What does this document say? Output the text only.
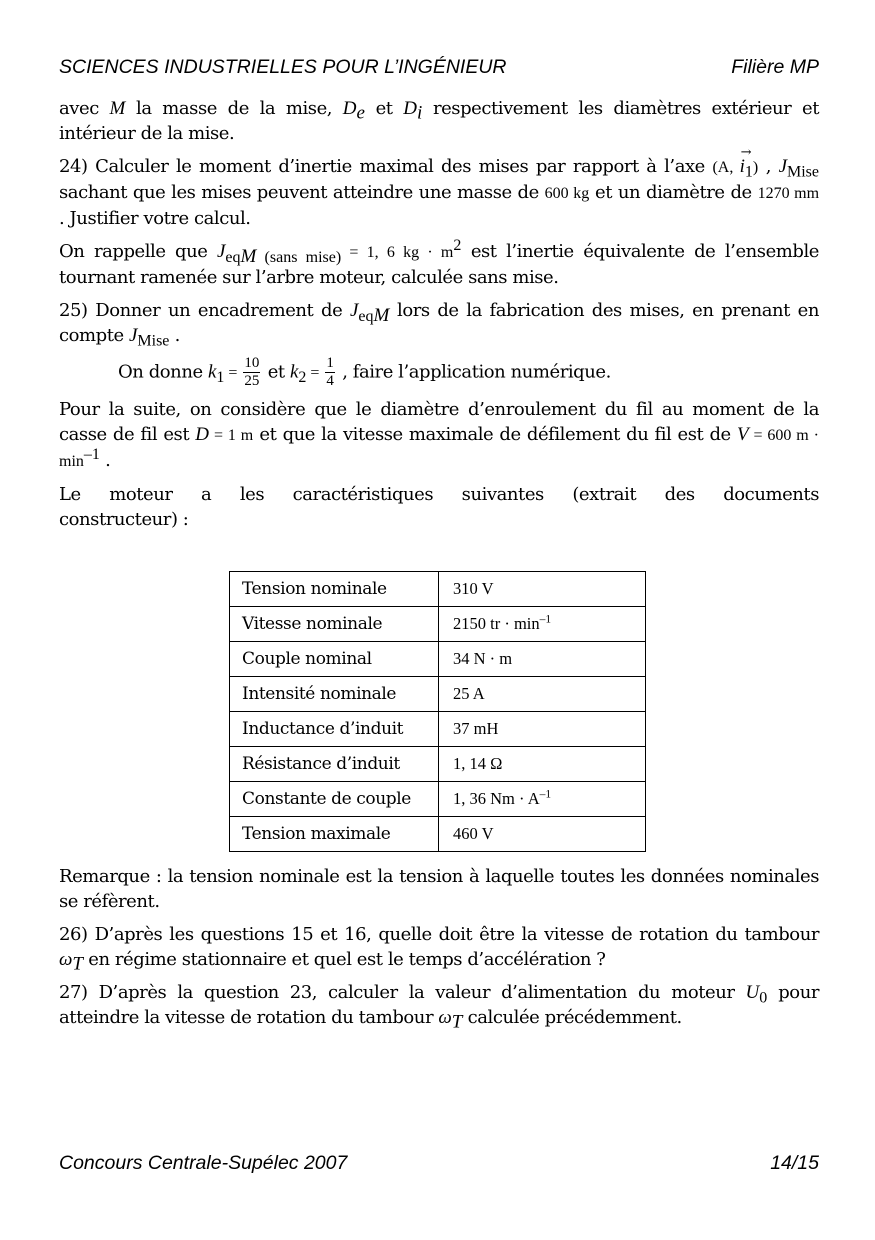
SCIENCES INDUSTRIELLES POUR L’INGÉNIEUR	Filière MP

avec M la masse de la mise, $D_e$ et $D_i$ respectivement les diamètres extérieur et intérieur de la mise.

24) Calculer le moment d’inertie maximal des mises par rapport à l’axe (A, i
→
$_1$) , $J_{Mise}$ sachant que les mises peuvent atteindre une masse de 600 kg et un diamètre de 1270 mm . Justifier votre calcul.

On rappelle que $J_{eqM (sans mise)} = 1$, 6 kg · $m^2$ est l’inertie équivalente de l’ensemble tournant ramenée sur l’arbre moteur, calculée sans mise.

25) Donner un encadrement de $J_{eqM}$ lors de la fabrication des mises, en prenant en compte $J_{Mise}$ .

On donne $k_1 = \frac{10}{25}$ et $k_2 = \frac{1}{4}$ , faire l’application numérique.

Pour la suite, on considère que le diamètre d’enroulement du fil au moment de la casse de fil est D = 1 m et que la vitesse maximale de défilement du fil est de V = 600 $m \cdot \min^{-1}$ .

Le moteur a les caractéristiques suivantes (extrait des documents

constructeur) :

Tension nominale	310 V
Vitesse nominale	2150 tr · $\min^{-1}$
Couple nominal	34 N · m
Intensité nominale	25 A
Inductance d’induit	37 mH
Résistance d’induit	1, 14 Ω
Constante de couple	1, 36 $Nm \cdot A^{-1}$
Tension maximale	460 V

Remarque : la tension nominale est la tension à laquelle toutes les données nominales se réfèrent.

26) D’après les questions 15 et 16, quelle doit être la vitesse de rotation du tambour $\omega_T$ en régime stationnaire et quel est le temps d’accélération ?

27) D’après la question 23, calculer la valeur d’alimentation du moteur $U_0$ pour atteindre la vitesse de rotation du tambour $\omega_T$ calculée précédemment.

Concours Centrale-Supélec 2007	14/15
